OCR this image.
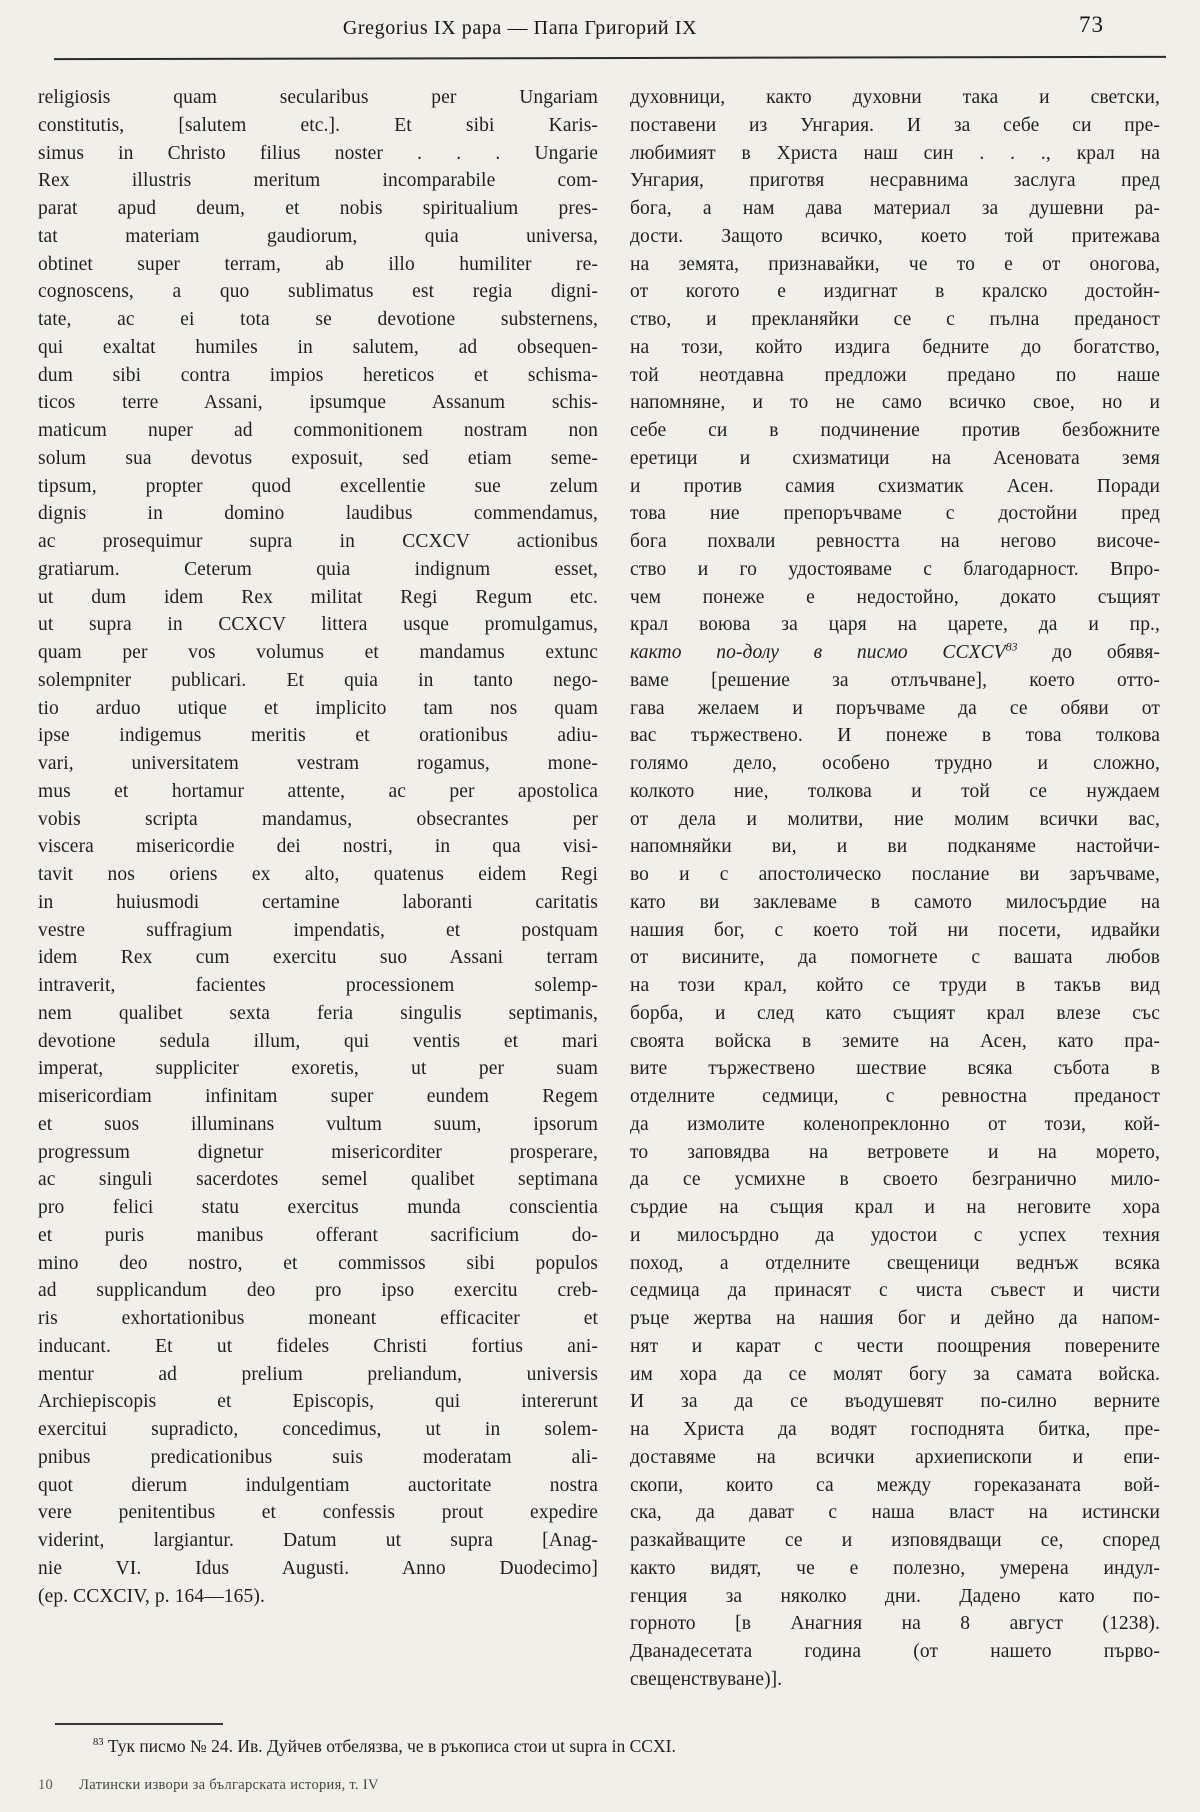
Gregorius IX papa — Папа Григорий IX	73
religiosis quam secularibus per Ungariam
constitutis, [salutem etc.]. Et sibi Karis-
simus in Christo filius noster . . . Ungarie
Rex illustris meritum incomparabile com-
parat apud deum, et nobis spiritualium pres-
tat materiam gaudiorum, quia universa,
obtinet super terram, ab illo humiliter re-
cognoscens, a quo sublimatus est regia digni-
tate, ac ei tota se devotione substernens,
qui exaltat humiles in salutem, ad obsequen-
dum sibi contra impios hereticos et schisma-
ticos terre Assani, ipsumque Assanum schis-
maticum nuper ad commonitionem nostram non
solum sua devotus exposuit, sed etiam seme-
tipsum, propter quod excellentie sue zelum
dignis in domino laudibus commendamus,
ac prosequimur supra in CCXCV actionibus
gratiarum. Ceterum quia indignum esset,
ut dum idem Rex militat Regi Regum etc.
ut supra in CCXCV littera usque promulgamus,
quam per vos volumus et mandamus extunc
solempniter publicari. Et quia in tanto nego-
tio arduo utique et implicito tam nos quam
ipse indigemus meritis et orationibus adiu-
vari, universitatem vestram rogamus, mone-
mus et hortamur attente, ac per apostolica
vobis scripta mandamus, obsecrantes per
viscera misericordie dei nostri, in qua visi-
tavit nos oriens ex alto, quatenus eidem Regi
in huiusmodi certamine laboranti caritatis
vestre suffragium impendatis, et postquam
idem Rex cum exercitu suo Assani terram
intraverit, facientes processionem solemp-
nem qualibet sexta feria singulis septimanis,
devotione sedula illum, qui ventis et mari
imperat, suppliciter exoretis, ut per suam
misericordiam infinitam super eundem Regem
et suos illuminans vultum suum, ipsorum
progressum dignetur misericorditer prosperare,
ac singuli sacerdotes semel qualibet septimana
pro felici statu exercitus munda conscientia
et puris manibus offerant sacrificium do-
mino deo nostro, et commissos sibi populos
ad supplicandum deo pro ipso exercitu creb-
ris exhortationibus moneant efficaciter et
inducant. Et ut fideles Christi fortius ani-
mentur ad prelium preliandum, universis
Archiepiscopis et Episcopis, qui intererunt
exercitui supradicto, concedimus, ut in solem-
pnibus predicationibus suis moderatam ali-
quot dierum indulgentiam auctoritate nostra
vere penitentibus et confessis prout expedire
viderint, largiantur. Datum ut supra [Anag-
nie VI. Idus Augusti. Anno Duodecimo]
(ep. CCXCIV, p. 164—165).
духовници, както духовни така и светски,
поставени из Унгария. И за себе си пре-
любимият в Христа наш син . . ., крал на
Унгария, приготвя несравнима заслуга пред
бога, а нам дава материал за душевни ра-
дости. Защото всичко, което той притежава
на земята, признавайки, че то е от оногова,
от когото е издигнат в кралско достойн-
ство, и прекланяйки се с пълна преданост
на този, който издига бедните до богатство,
той неотдавна предложи предано по наше
напомняне, и то не само всичко свое, но и
себе си в подчинение против безбожните
еретици и схизматици на Асеновата земя
и против самия схизматик Асен. Поради
това ние препоръчваме с достойни пред
бога похвали ревността на негово височе-
ство и го удостояваме с благодарност. Впро-
чем понеже е недостойно, докато същият
крал воюва за царя на царете, да и пр.,
както по-долу в писмо CCXCV$^{83}$ до обявя-
ваме [решение за отлъчване], което отто-
гава желаем и поръчваме да се обяви от
вас тържествено. И понеже в това толкова
голямо дело, особено трудно и сложно,
колкото ние, толкова и той се нуждаем
от дела и молитви, ние молим всички вас,
напомняйки ви, и ви подканяме настойчи-
во и с апостолическо послание ви заръчваме,
като ви заклеваме в самото милосърдие на
нашия бог, с което той ни посети, идвайки
от висините, да помогнете с вашата любов
на този крал, който се труди в такъв вид
борба, и след като същият крал влезе със
своята войска в земите на Асен, като пра-
вите тържествено шествие всяка събота в
отделните седмици, с ревностна преданост
да измолите коленопреклонно от този, кой-
то заповядва на ветровете и на морето,
да се усмихне в своето безгранично мило-
сърдие на същия крал и на неговите хора
и милосърдно да удостои с успех техния
поход, а отделните свещеници веднъж всяка
седмица да принасят с чиста съвест и чисти
ръце жертва на нашия бог и дейно да напом-
нят и карат с чести поощрения поверените
им хора да се молят богу за самата войска.
И за да се въодушевят по-силно верните
на Христа да водят господнята битка, пре-
доставяме на всички архиепископи и епи-
скопи, които са между гореказаната вой-
ска, да дават с наша власт на истински
разкайващите се и изповядващи се, според
както видят, че е полезно, умерена индул-
генция за няколко дни. Дадено като по-
горното [в Анагния на 8 август (1238).
Дванадесетата година (от нашето първо-
свещенствуване)].
$^{83}$ Тук писмо № 24. Ив. Дуйчев отбелязва, че в ръкописа стои ut supra in CCXI.
10 Латински извори за българската история, т. IV
